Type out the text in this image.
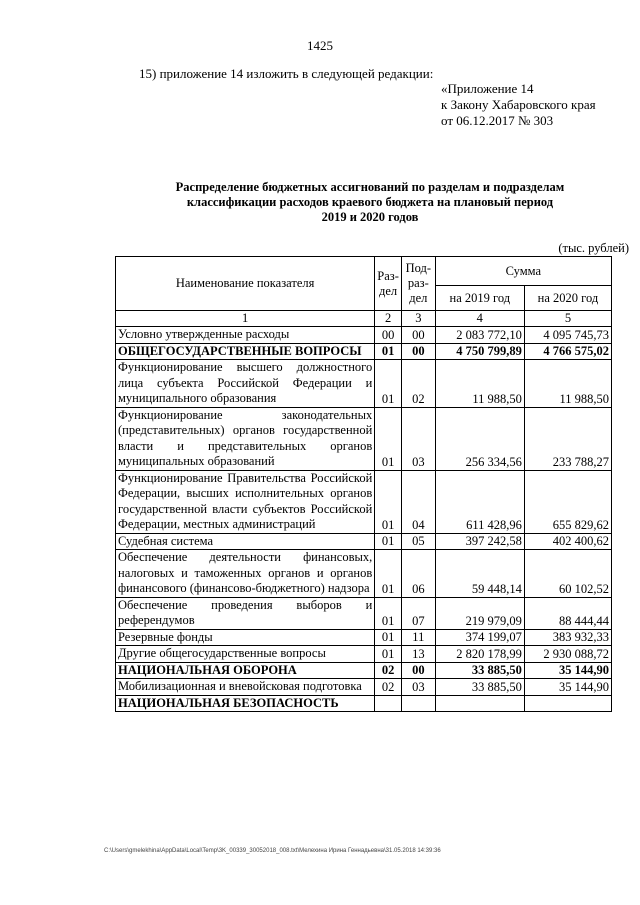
1425
15) приложение 14 изложить в следующей редакции:
«Приложение 14
к Закону Хабаровского края
от 06.12.2017 № 303
Распределение бюджетных ассигнований по разделам и подразделам
классификации расходов краевого бюджета на плановый период
2019 и 2020 годов
(тыс. рублей)
Наименование показателя	Раз-дел	Под-раз-дел	Сумма	
			на 2019 год	на 2020 год
1	2	3	4	5
Условно утвержденные расходы	00	00	2 083 772,10	4 095 745,73
ОБЩЕГОСУДАРСТВЕННЫЕ ВОПРОСЫ	01	00	4 750 799,89	4 766 575,02
Функционирование высшего должностного лица субъекта Российской Федерации и муниципального образования	01	02	11 988,50	11 988,50
Функционирование законодательных (представительных) органов государственной власти и представительных органов муниципальных образований	01	03	256 334,56	233 788,27
Функционирование Правительства Российской Федерации, высших исполнительных органов государственной власти субъектов Российской Федерации, местных администраций	01	04	611 428,96	655 829,62
Судебная система	01	05	397 242,58	402 400,62
Обеспечение деятельности финансовых, налоговых и таможенных органов и органов финансового (финансово-бюджетного) надзора	01	06	59 448,14	60 102,52
Обеспечение проведения выборов и референдумов	01	07	219 979,09	88 444,44
Резервные фонды	01	11	374 199,07	383 932,33
Другие общегосударственные вопросы	01	13	2 820 178,99	2 930 088,72
НАЦИОНАЛЬНАЯ ОБОРОНА	02	00	33 885,50	35 144,90
Мобилизационная и вневойсковая подготовка	02	03	33 885,50	35 144,90
НАЦИОНАЛЬНАЯ БЕЗОПАСНОСТЬ				
C:\Users\gmelekhina\AppData\Local\Temp\3K_00339_30052018_008.txt\Мелехина Ирина Геннадьевна\31.05.2018 14:39:36
